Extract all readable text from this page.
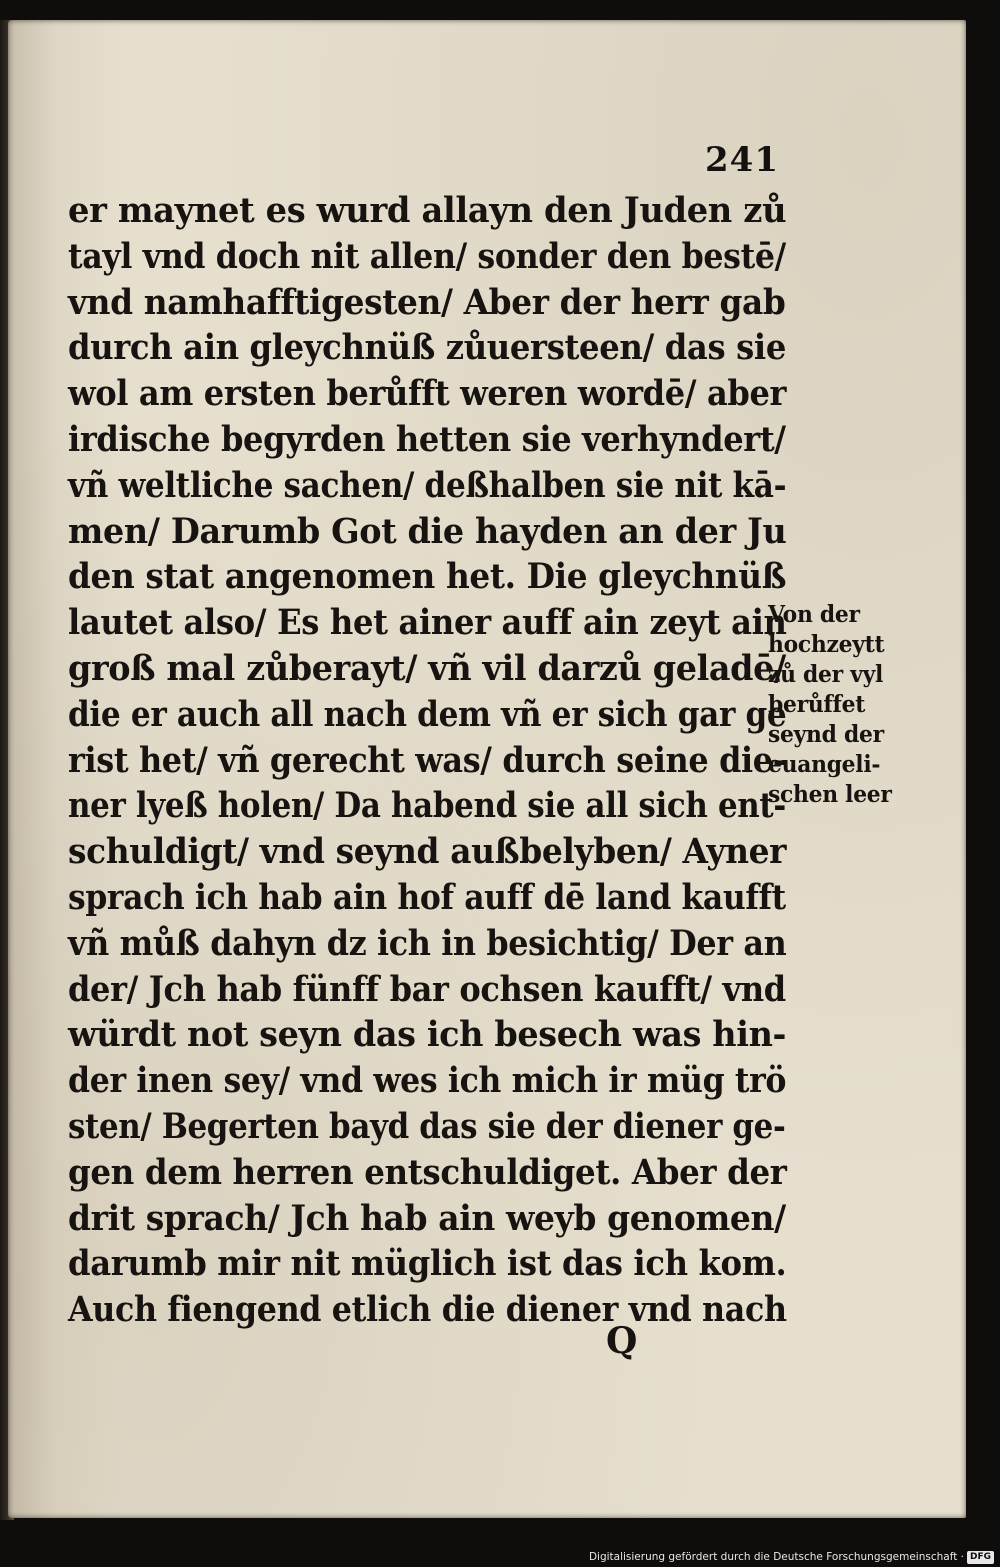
241
er maynet es wurd allayn den Juden zů
tayl vnd doch nit allen/ sonder den bestē/
vnd namhafftigesten/ Aber der herr gab
durch ain gleychnüß zůuersteen/ das sie
wol am ersten berůfft weren wordē/ aber
irdische begyrden hetten sie verhyndert/
vñ weltliche sachen/ deßhalben sie nit kā-
men/ Darumb Got die hayden an der Ju
den stat angenomen het. Die gleychnüß
lautet also/ Es het ainer auff ain zeyt ain
groß mal zůberayt/ vñ vil darzů geladē/
die er auch all nach dem vñ er sich gar ge
rist het/ vñ gerecht was/ durch seine die-
ner lyeß holen/ Da habend sie all sich ent-
schuldigt/ vnd seynd außbelyben/ Ayner
sprach ich hab ain hof auff dē land kaufft
vñ můß dahyn dz ich in besichtig/ Der an
der/ Jch hab fünff bar ochsen kaufft/ vnd
würdt not seyn das ich besech was hin-
der inen sey/ vnd wes ich mich ir müg trö
sten/ Begerten bayd das sie der diener ge-
gen dem herren entschuldiget. Aber der
drit sprach/ Jch hab ain weyb genomen/
darumb mir nit müglich ist das ich kom.
Auch fiengend etlich die diener vnd nach
Von der
hochzeytt
zů der vyl
berůffet
seynd der
euangeli-
schen leer
Q
Digitalisierung gefördert durch die Deutsche Forschungsgemeinschaft · DFG
